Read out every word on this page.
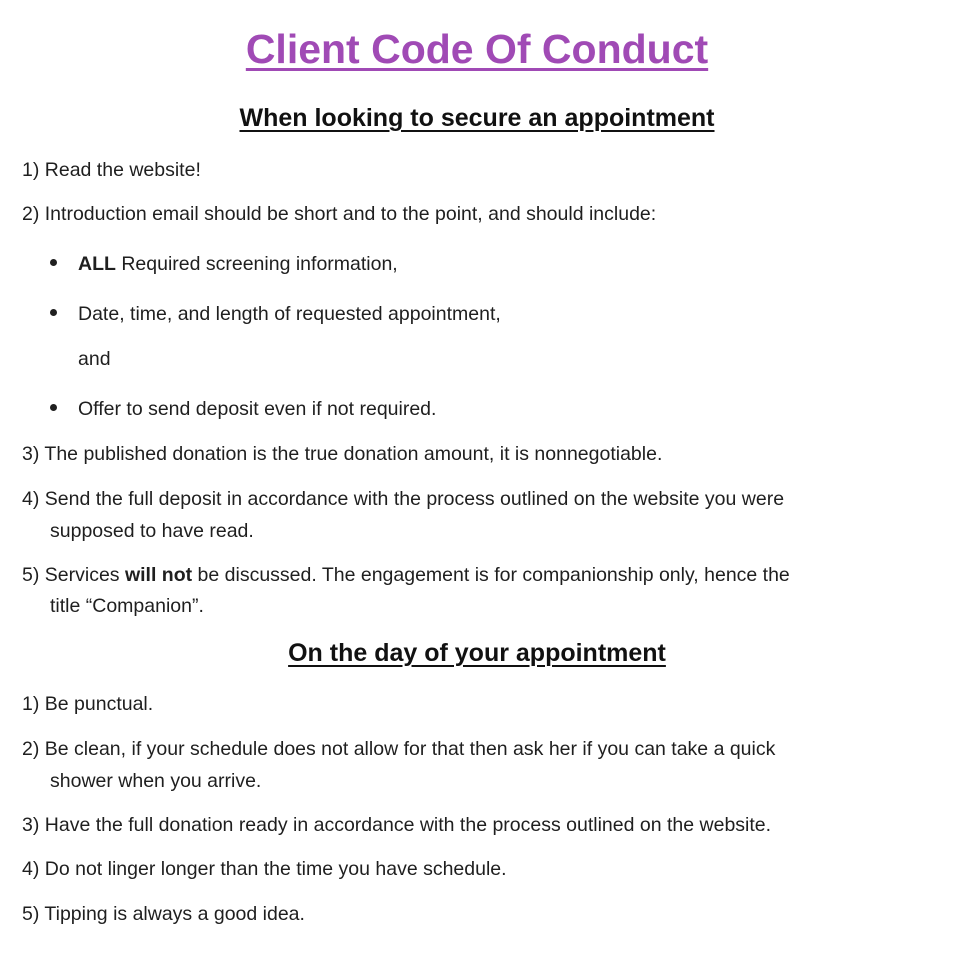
Client Code Of Conduct
When looking to secure an appointment
1) Read the website!
2) Introduction email should be short and to the point, and should include:
ALL Required screening information,
Date, time, and length of requested appointment,
and
Offer to send deposit even if not required.
3) The published donation is the true donation amount, it is nonnegotiable.
4) Send the full deposit in accordance with the process outlined on the website you were
supposed to have read.
5) Services will not be discussed. The engagement is for companionship only, hence the
title “Companion”.
On the day of your appointment
1) Be punctual.
2) Be clean, if your schedule does not allow for that then ask her if you can take a quick
shower when you arrive.
3) Have the full donation ready in accordance with the process outlined on the website.
4) Do not linger longer than the time you have schedule.
5) Tipping is always a good idea.
